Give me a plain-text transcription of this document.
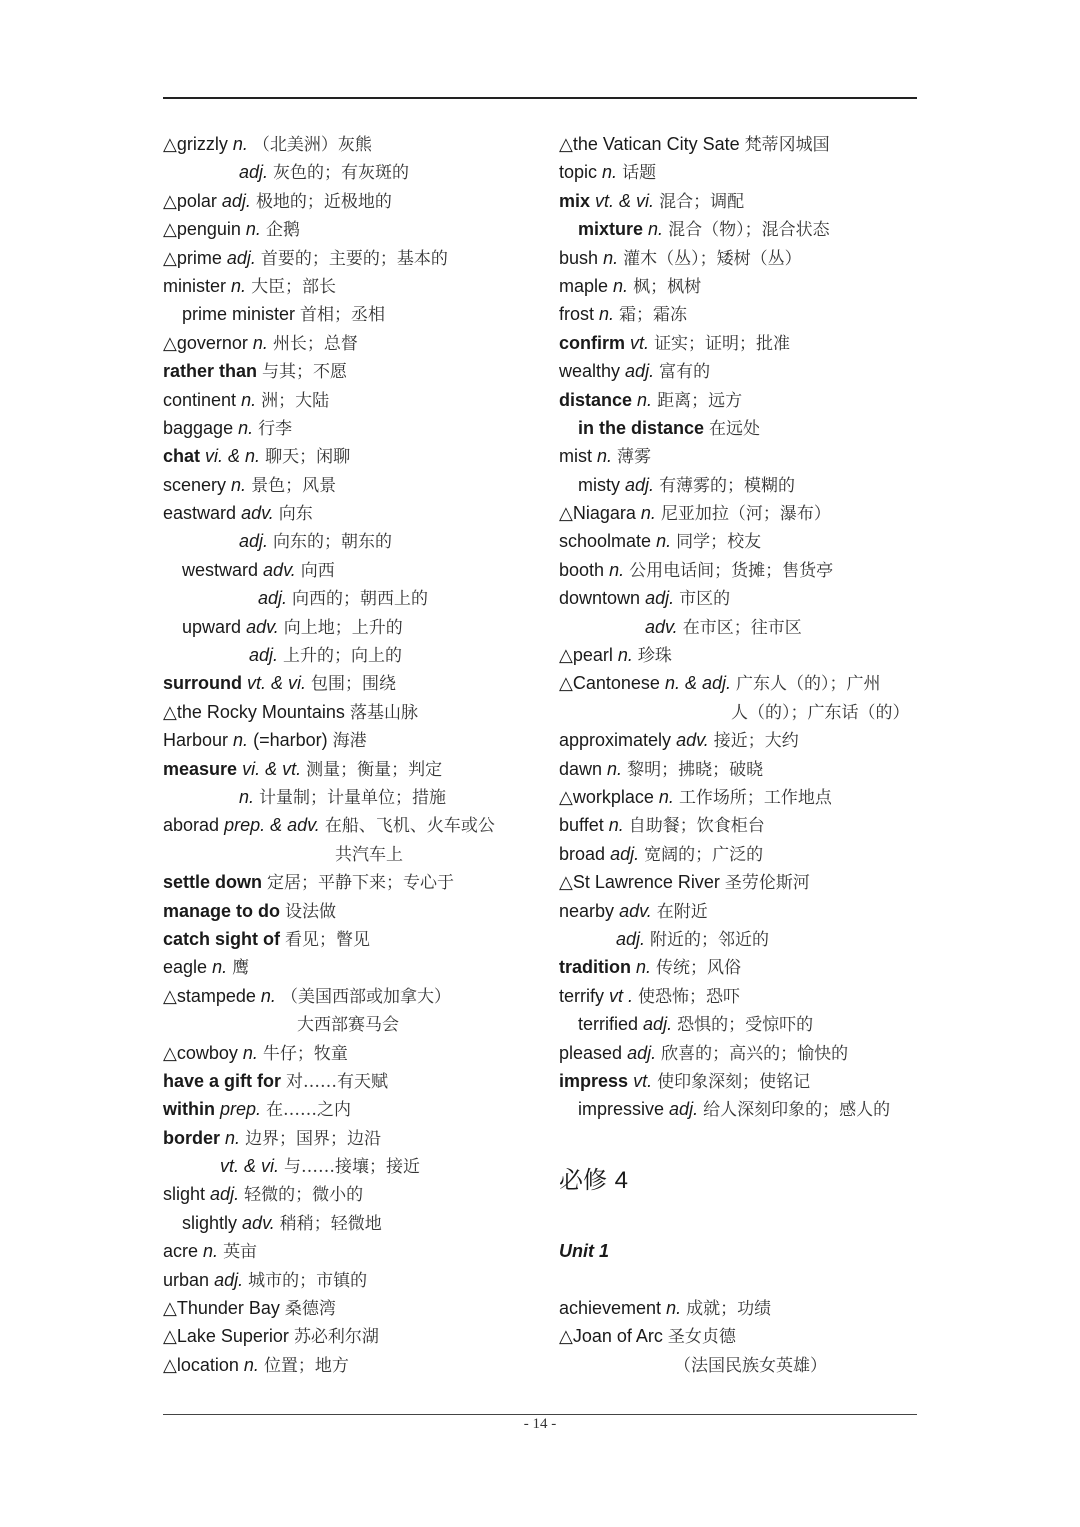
△grizzly n. （北美洲）灰熊
adj. 灰色的；有灰斑的
△polar adj. 极地的；近极地的
△penguin n. 企鹅
△prime adj. 首要的；主要的；基本的
minister n. 大臣；部长
prime minister 首相；丞相
△governor n. 州长；总督
rather than 与其；不愿
continent n. 洲；大陆
baggage n. 行李
chat vi. & n. 聊天；闲聊
scenery n. 景色；风景
eastward adv. 向东
adj. 向东的；朝东的
westward adv. 向西
adj. 向西的；朝西上的
upward adv. 向上地；上升的
adj. 上升的；向上的
surround vt. & vi. 包围；围绕
△the Rocky Mountains 落基山脉
Harbour n. (=harbor) 海港
measure vi. & vt. 测量；衡量；判定
n. 计量制；计量单位；措施
aborad prep. & adv. 在船、飞机、火车或公
共汽车上
settle down 定居；平静下来；专心于
manage to do 设法做
catch sight of 看见；瞥见
eagle n. 鹰
△stampede n. （美国西部或加拿大）
大西部赛马会
△cowboy n. 牛仔；牧童
have a gift for 对……有天赋
within prep. 在……之内
border n. 边界；国界；边沿
vt. & vi. 与……接壤；接近
slight adj. 轻微的；微小的
slightly adv. 稍稍；轻微地
acre n. 英亩
urban adj. 城市的；市镇的
△Thunder Bay 桑德湾
△Lake Superior 苏必利尔湖
△location n. 位置；地方
△the Vatican City Sate 梵蒂冈城国
topic n. 话题
mix vt. & vi. 混合；调配
mixture n. 混合（物）；混合状态
bush n. 灌木（丛）；矮树（丛）
maple n. 枫；枫树
frost n. 霜；霜冻
confirm vt. 证实；证明；批准
wealthy adj. 富有的
distance n. 距离；远方
in the distance 在远处
mist n. 薄雾
misty adj. 有薄雾的；模糊的
△Niagara n. 尼亚加拉（河；瀑布）
schoolmate n. 同学；校友
booth n. 公用电话间；货摊；售货亭
downtown adj. 市区的
adv. 在市区；往市区
△pearl n. 珍珠
△Cantonese n. & adj. 广东人（的）；广州
人（的）；广东话（的）
approximately adv. 接近；大约
dawn n. 黎明；拂晓；破晓
△workplace n. 工作场所；工作地点
buffet n. 自助餐；饮食柜台
broad adj. 宽阔的；广泛的
△St Lawrence River 圣劳伦斯河
nearby adv. 在附近
adj. 附近的；邻近的
tradition n. 传统；风俗
terrify vt . 使恐怖；恐吓
terrified adj. 恐惧的；受惊吓的
pleased adj. 欣喜的；高兴的；愉快的
impress vt. 使印象深刻；使铭记
impressive adj. 给人深刻印象的；感人的
必修 4
Unit 1
achievement n. 成就；功绩
△Joan of Arc 圣女贞德
（法国民族女英雄）
- 14 -
